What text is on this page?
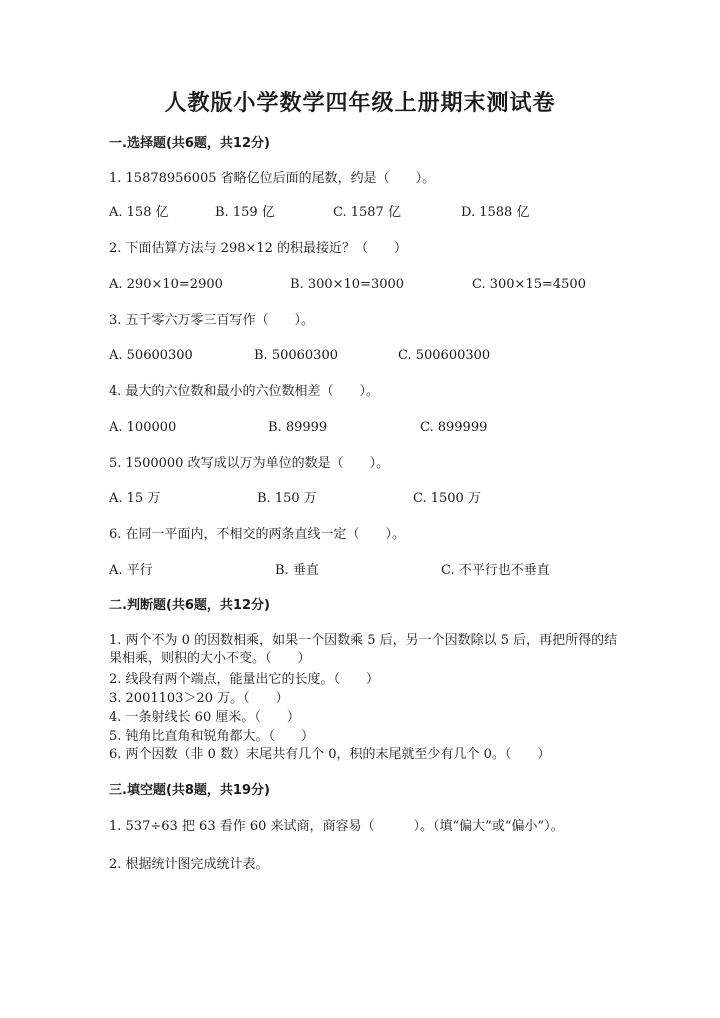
人教版小学数学四年级上册期末测试卷
一.选择题(共6题，共12分)
1. 15878956005 省略亿位后面的尾数，约是（　　）。
A. 158 亿	B. 159 亿	C. 1587 亿	D. 1588 亿
2. 下面估算方法与 298×12 的积最接近？（　　）
A. 290×10=2900	B. 300×10=3000	C. 300×15=4500
3. 五千零六万零三百写作（　　）。
A. 50600300	B. 50060300	C. 500600300
4. 最大的六位数和最小的六位数相差（　　）。
A. 100000	B. 89999	C. 899999
5. 1500000 改写成以万为单位的数是（　　）。
A. 15 万	B. 150 万	C. 1500 万
6. 在同一平面内，不相交的两条直线一定（　　）。
A. 平行	B. 垂直	C. 不平行也不垂直
二.判断题(共6题，共12分)
1. 两个不为 0 的因数相乘，如果一个因数乘 5 后，另一个因数除以 5 后，再把所得的结果相乘，则积的大小不变。（　　）
2. 线段有两个端点，能量出它的长度。（　　）
3. 2001103＞20 万。（　　）
4. 一条射线长 60 厘米。（　　）
5. 钝角比直角和锐角都大。（　　）
6. 两个因数（非 0 数）末尾共有几个 0，积的末尾就至少有几个 0。（　　）
三.填空题(共8题，共19分)
1. 537÷63 把 63 看作 60 来试商，商容易（　　　）。（填“偏大”或“偏小”）。
2. 根据统计图完成统计表。
